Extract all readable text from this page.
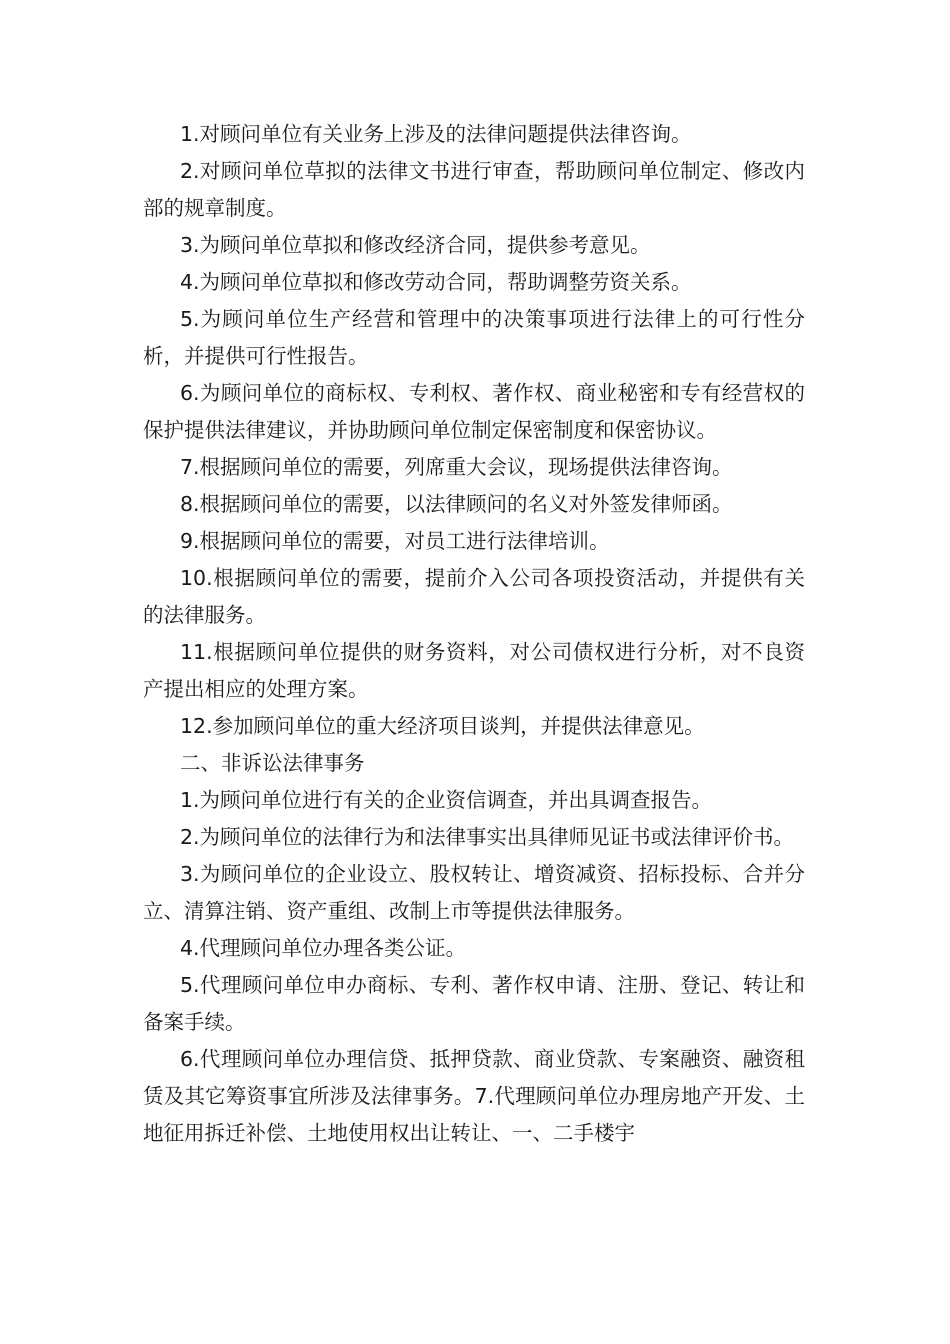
1.对顾问单位有关业务上涉及的法律问题提供法律咨询。

2.对顾问单位草拟的法律文书进行审查，帮助顾问单位制定、修改内部的规章制度。

3.为顾问单位草拟和修改经济合同，提供参考意见。

4.为顾问单位草拟和修改劳动合同，帮助调整劳资关系。

5.为顾问单位生产经营和管理中的决策事项进行法律上的可行性分析，并提供可行性报告。

6.为顾问单位的商标权、专利权、著作权、商业秘密和专有经营权的保护提供法律建议，并协助顾问单位制定保密制度和保密协议。

7.根据顾问单位的需要，列席重大会议，现场提供法律咨询。

8.根据顾问单位的需要，以法律顾问的名义对外签发律师函。

9.根据顾问单位的需要，对员工进行法律培训。

10.根据顾问单位的需要，提前介入公司各项投资活动，并提供有关的法律服务。

11.根据顾问单位提供的财务资料，对公司债权进行分析，对不良资产提出相应的处理方案。

12.参加顾问单位的重大经济项目谈判，并提供法律意见。

二、非诉讼法律事务

1.为顾问单位进行有关的企业资信调查，并出具调查报告。

2.为顾问单位的法律行为和法律事实出具律师见证书或法律评价书。

3.为顾问单位的企业设立、股权转让、增资减资、招标投标、合并分立、清算注销、资产重组、改制上市等提供法律服务。

4.代理顾问单位办理各类公证。

5.代理顾问单位申办商标、专利、著作权申请、注册、登记、转让和备案手续。

6.代理顾问单位办理信贷、抵押贷款、商业贷款、专案融资、融资租赁及其它筹资事宜所涉及法律事务。7.代理顾问单位办理房地产开发、土地征用拆迁补偿、土地使用权出让转让、一、二手楼宇
